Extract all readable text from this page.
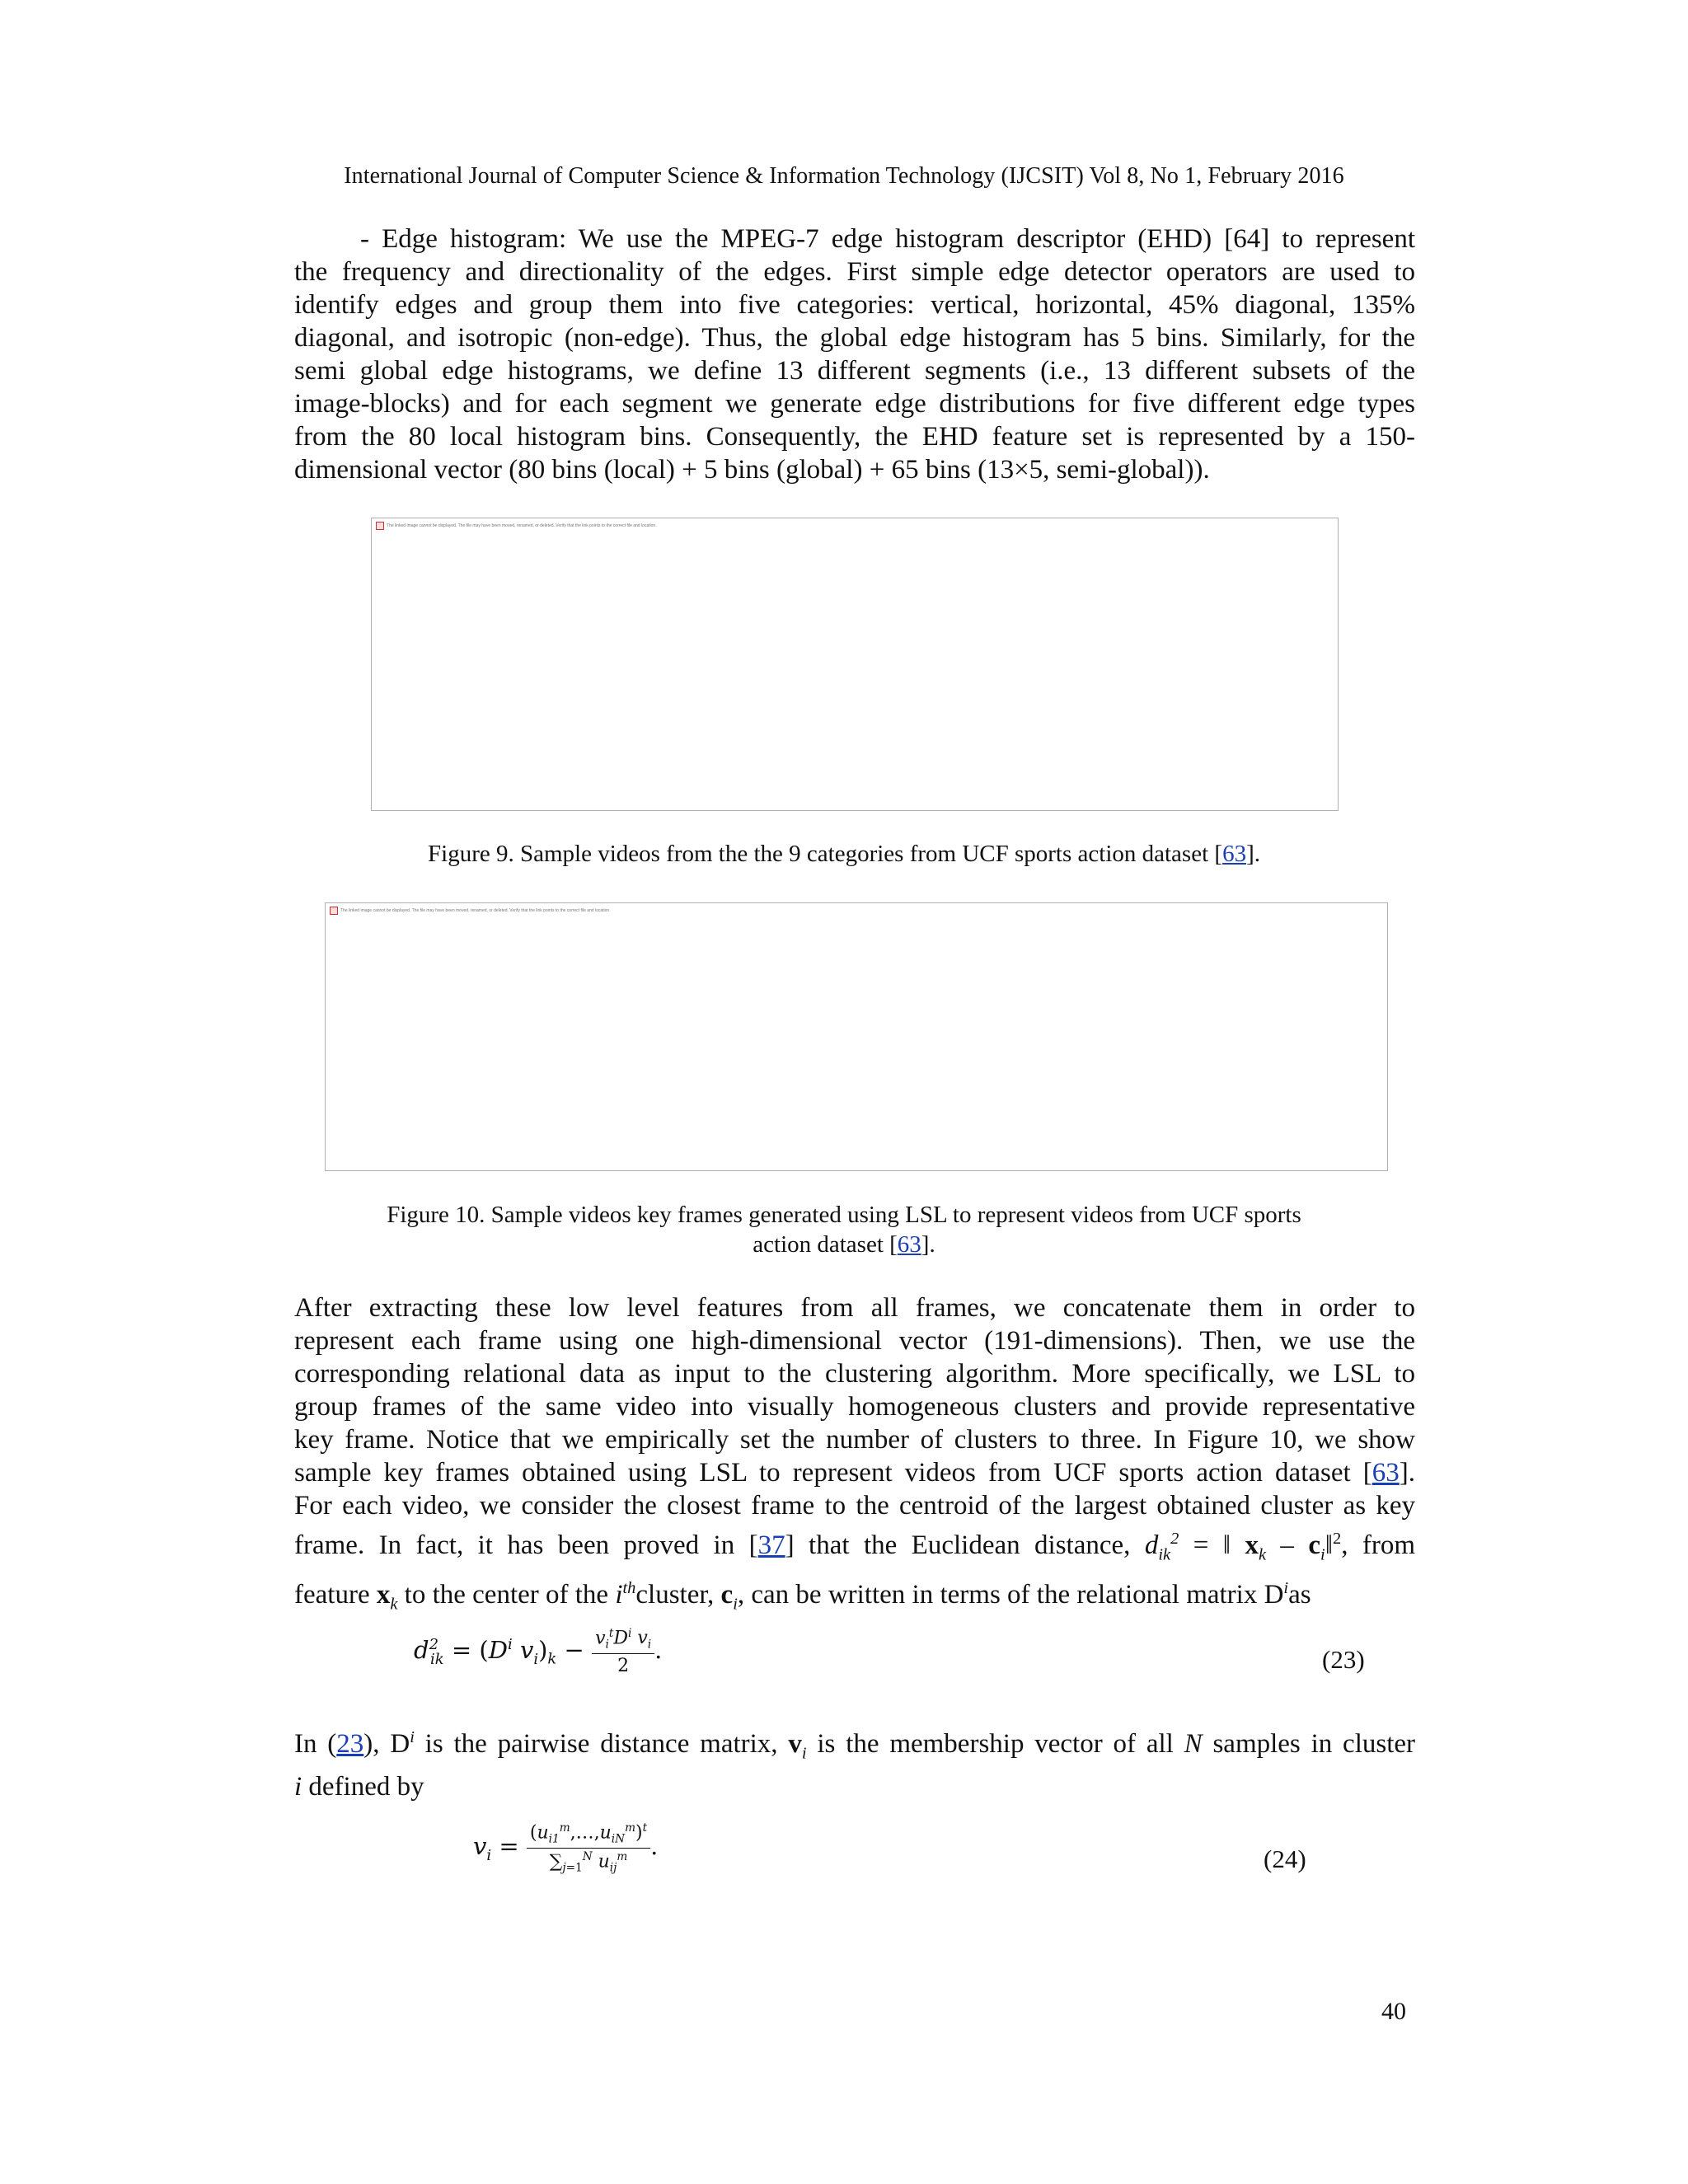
International Journal of Computer Science & Information Technology (IJCSIT) Vol 8, No 1, February 2016
- Edge histogram: We use the MPEG-7 edge histogram descriptor (EHD) [64] to represent
the frequency and directionality of the edges. First simple edge detector operators are used to
identify edges and group them into five categories: vertical, horizontal, 45% diagonal, 135%
diagonal, and isotropic (non-edge). Thus, the global edge histogram has 5 bins. Similarly, for the
semi global edge histograms, we define 13 different segments (i.e., 13 different subsets of the
image-blocks) and for each segment we generate edge distributions for five different edge types
from the 80 local histogram bins. Consequently, the EHD feature set is represented by a 150-
dimensional vector (80 bins (local) + 5 bins (global) + 65 bins (13×5, semi-global)).
The linked image cannot be displayed. The file may have been moved, renamed, or deleted. Verify that the link points to the correct file and location.
Figure 9. Sample videos from the the 9 categories from UCF sports action dataset [63].
The linked image cannot be displayed. The file may have been moved, renamed, or deleted. Verify that the link points to the correct file and location.
Figure 10. Sample videos key frames generated using LSL to represent videos from UCF sports
action dataset [63].
After extracting these low level features from all frames, we concatenate them in order to
represent each frame using one high-dimensional vector (191-dimensions). Then, we use the
corresponding relational data as input to the clustering algorithm. More specifically, we LSL to
group frames of the same video into visually homogeneous clusters and provide representative
key frame. Notice that we empirically set the number of clusters to three. In Figure 10, we show
sample key frames obtained using LSL to represent videos from UCF sports action dataset [63].
For each video, we consider the closest frame to the centroid of the largest obtained cluster as key
frame. In fact, it has been proved in [37] that the Euclidean distance, $d_{ik}^2$ = ‖ $x_k$ – $c_i‖^2$, from
feature $x_k$ to the center of the $i^{th}cluster$, $c_i$, can be written in terms of the relational matrix $D^ias$
$d^2_{ik} = (D^i$ $v_i)_k - \frac{v_i^tD^i v_i}{2}$ .	(23)
In (23), $D^i$ is the pairwise distance matrix, $v_i$ is the membership vector of all N samples in cluster
i defined by
$v_i = \frac{(u_{i1}^m,\dots,u_{iN}^m)^t}{\sum_{j=1}^N u_{ij}^m}$ .	(24)
40
